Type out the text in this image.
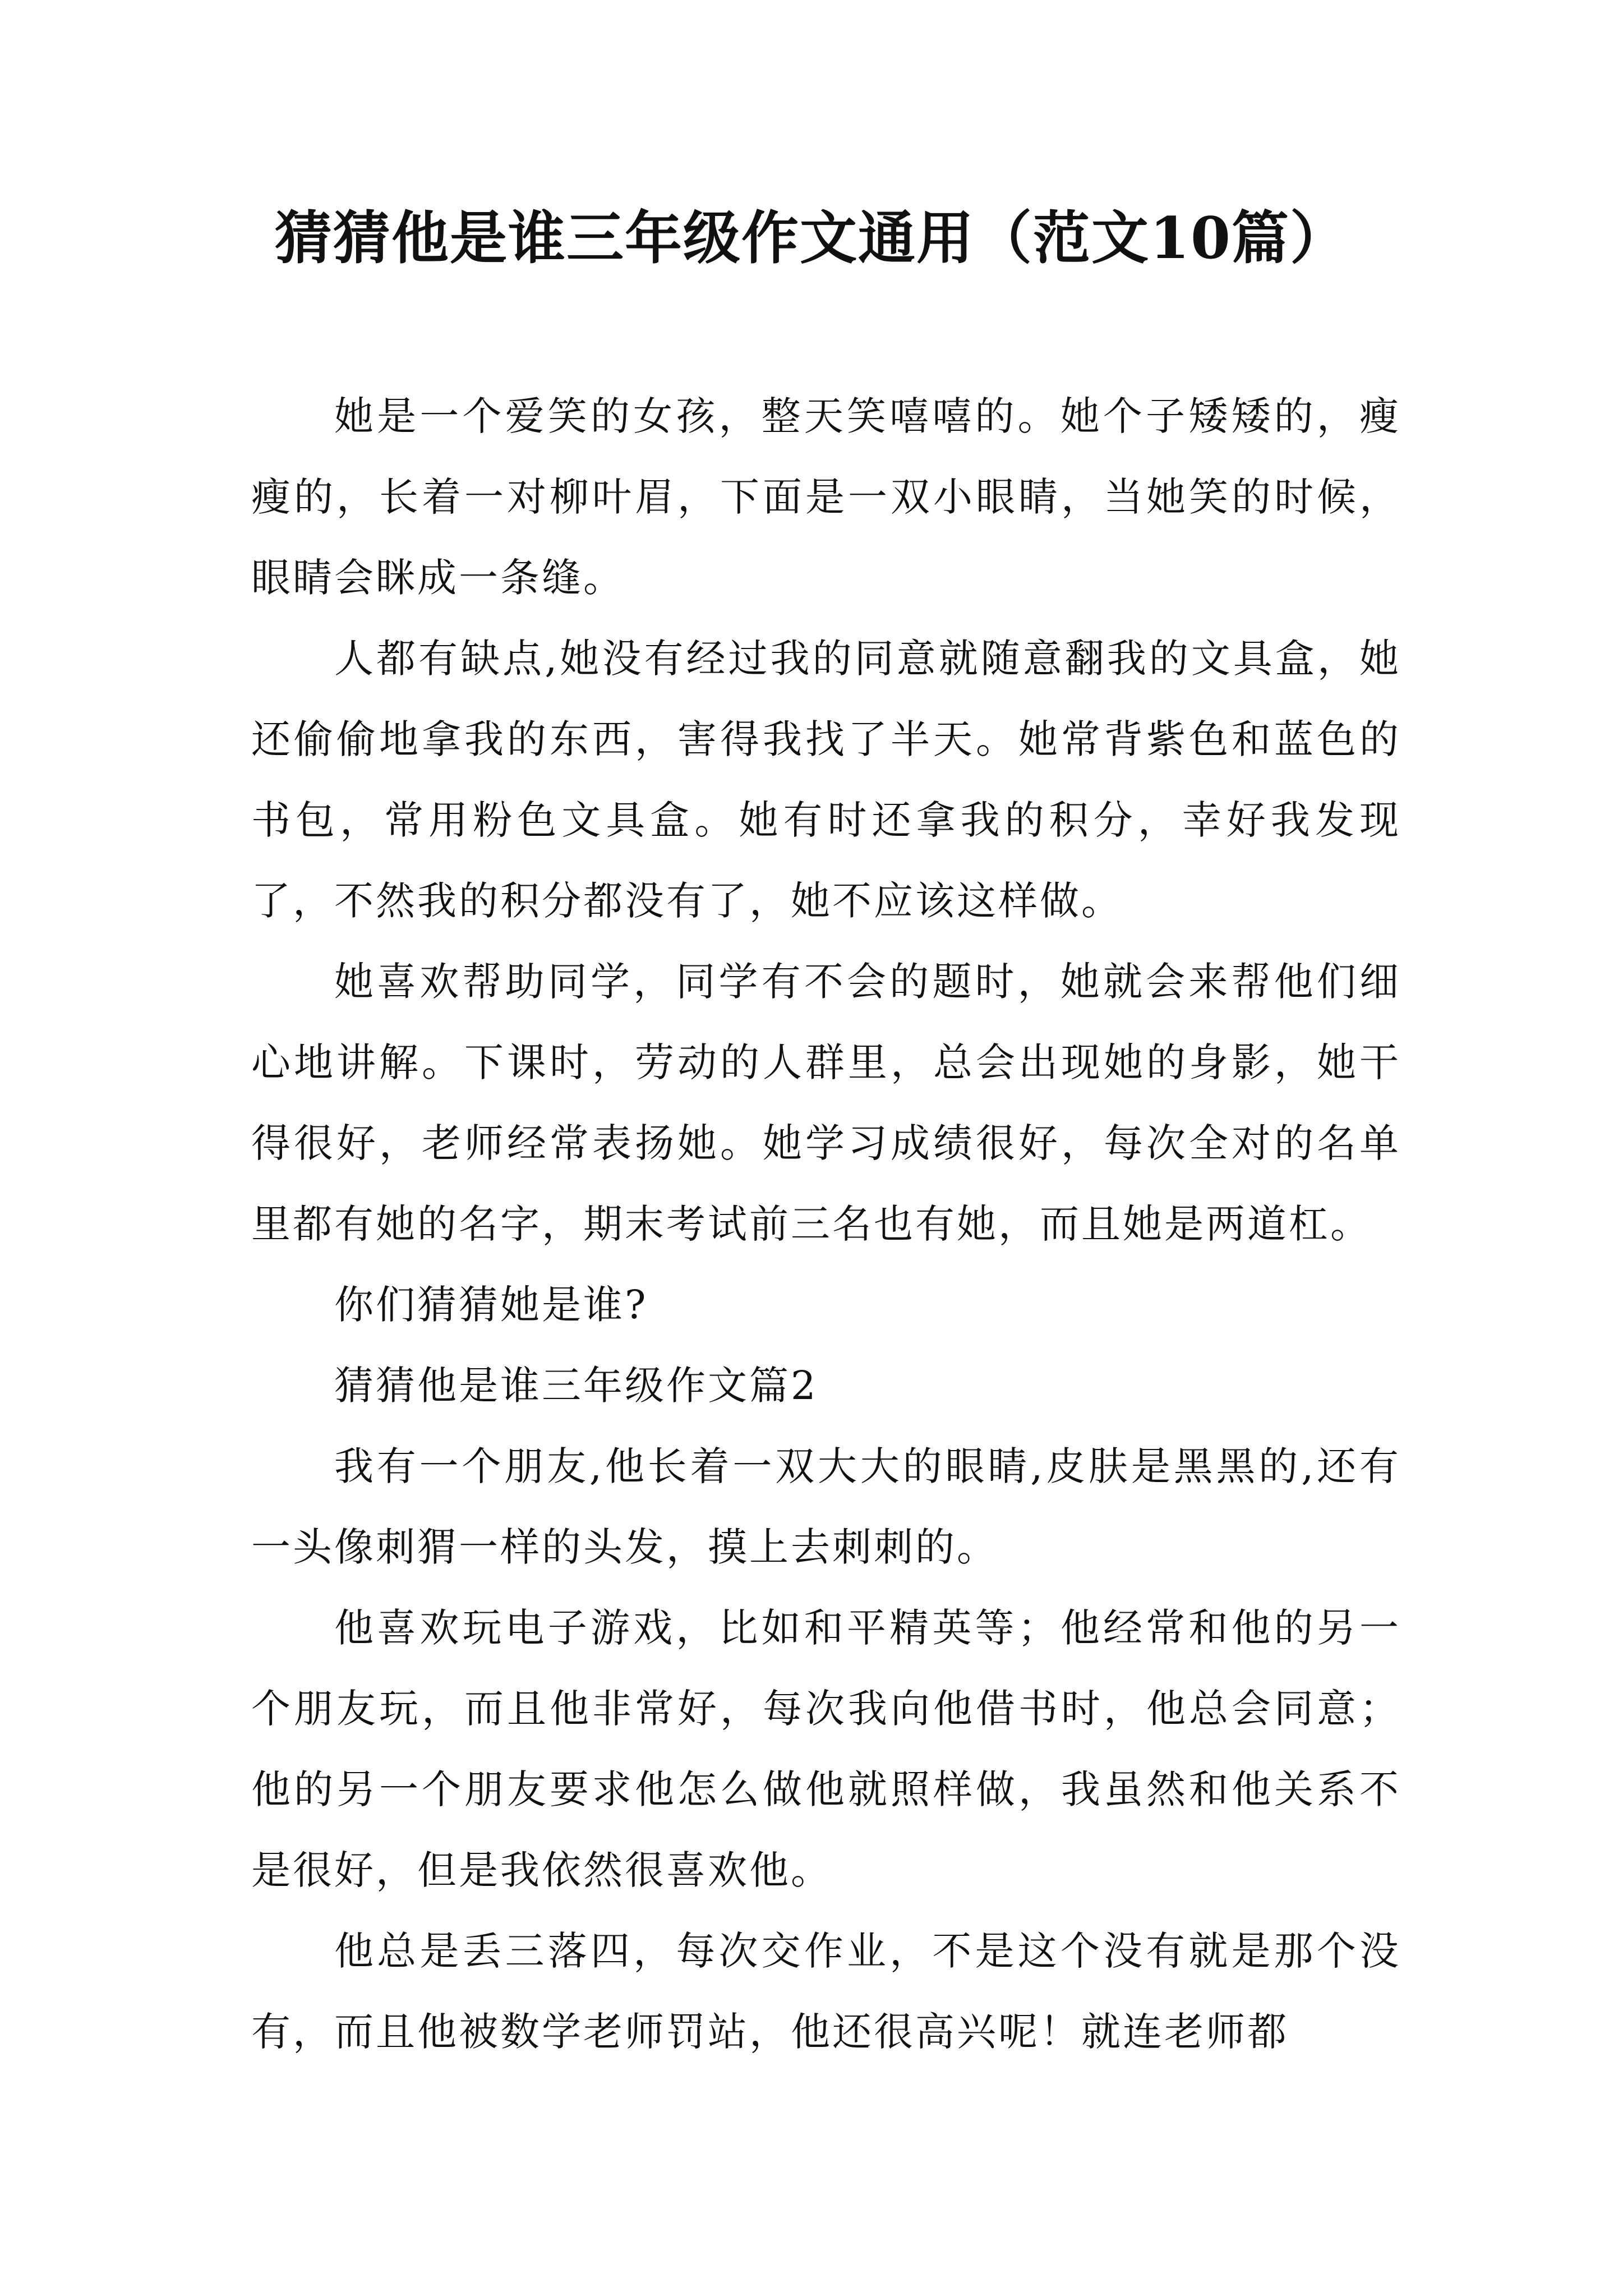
猜猜他是谁三年级作文通用（范文10篇）

她是一个爱笑的女孩，整天笑嘻嘻的。她个子矮矮的，瘦瘦的，长着一对柳叶眉，下面是一双小眼睛，当她笑的时候，眼睛会眯成一条缝。

人都有缺点,她没有经过我的同意就随意翻我的文具盒，她还偷偷地拿我的东西，害得我找了半天。她常背紫色和蓝色的书包，常用粉色文具盒。她有时还拿我的积分，幸好我发现了，不然我的积分都没有了，她不应该这样做。

她喜欢帮助同学，同学有不会的题时，她就会来帮他们细心地讲解。下课时，劳动的人群里，总会出现她的身影，她干得很好，老师经常表扬她。她学习成绩很好，每次全对的名单里都有她的名字，期末考试前三名也有她，而且她是两道杠。

你们猜猜她是谁?

猜猜他是谁三年级作文篇2

我有一个朋友,他长着一双大大的眼睛,皮肤是黑黑的,还有一头像刺猬一样的头发，摸上去刺刺的。

他喜欢玩电子游戏，比如和平精英等；他经常和他的另一个朋友玩，而且他非常好，每次我向他借书时，他总会同意；他的另一个朋友要求他怎么做他就照样做，我虽然和他关系不是很好，但是我依然很喜欢他。

他总是丢三落四，每次交作业，不是这个没有就是那个没有，而且他被数学老师罚站，他还很高兴呢！就连老师都
